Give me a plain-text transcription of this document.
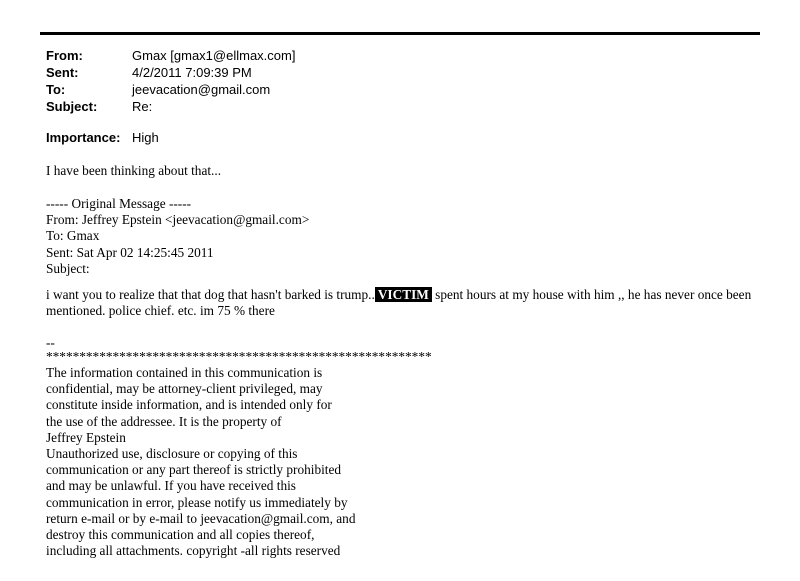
From:	Gmax [gmax1@ellmax.com]
Sent:	4/2/2011 7:09:39 PM
To:	jeevacation@gmail.com
Subject:	Re:
Importance: High
I have been thinking about that...
----- Original Message -----
From: Jeffrey Epstein <jeevacation@gmail.com>
To: Gmax
Sent: Sat Apr 02 14:25:45 2011
Subject:
i want you to realize that that dog that hasn't barked is trump.. VICTIM spent hours at my house with him ,, he has never once been
mentioned. police chief. etc. im 75 % there
--
**********************************************************
The information contained in this communication is
confidential, may be attorney-client privileged, may
constitute inside information, and is intended only for
the use of the addressee. It is the property of
Jeffrey Epstein
Unauthorized use, disclosure or copying of this
communication or any part thereof is strictly prohibited
and may be unlawful. If you have received this
communication in error, please notify us immediately by
return e-mail or by e-mail to jeevacation@gmail.com, and
destroy this communication and all copies thereof,
including all attachments. copyright -all rights reserved
